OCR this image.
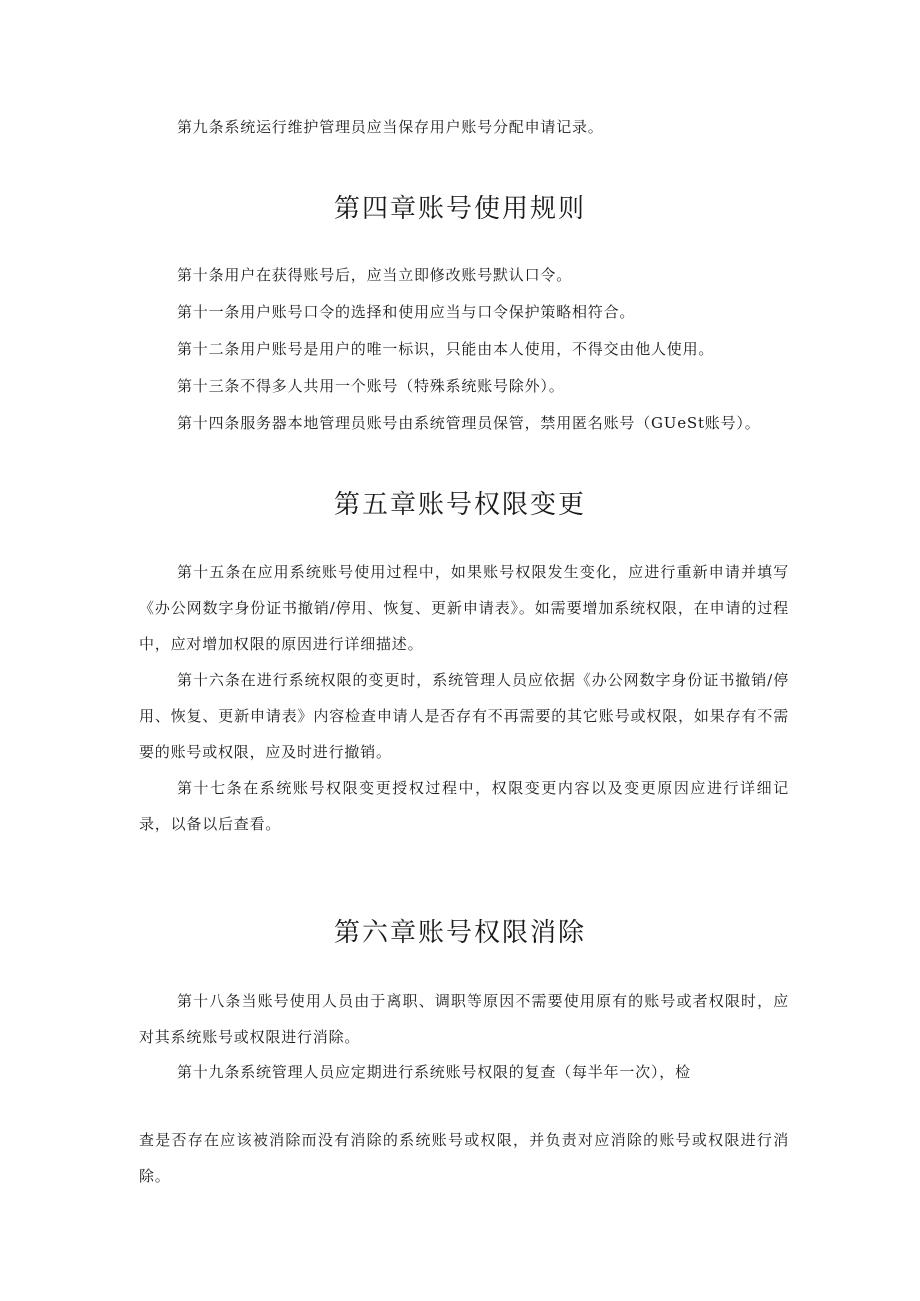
第九条系统运行维护管理员应当保存用户账号分配申请记录。

第四章账号使用规则

第十条用户在获得账号后，应当立即修改账号默认口令。

第十一条用户账号口令的选择和使用应当与口令保护策略相符合。

第十二条用户账号是用户的唯一标识，只能由本人使用，不得交由他人使用。

第十三条不得多人共用一个账号（特殊系统账号除外）。

第十四条服务器本地管理员账号由系统管理员保管，禁用匿名账号（GUeSt账号）。

第五章账号权限变更

第十五条在应用系统账号使用过程中，如果账号权限发生变化，应进行重新申请并填写《办公网数字身份证书撤销/停用、恢复、更新申请表》。如需要增加系统权限，在申请的过程中，应对增加权限的原因进行详细描述。

第十六条在进行系统权限的变更时，系统管理人员应依据《办公网数字身份证书撤销/停用、恢复、更新申请表》内容检查申请人是否存有不再需要的其它账号或权限，如果存有不需要的账号或权限，应及时进行撤销。

第十七条在系统账号权限变更授权过程中，权限变更内容以及变更原因应进行详细记录，以备以后查看。

第六章账号权限消除

第十八条当账号使用人员由于离职、调职等原因不需要使用原有的账号或者权限时，应对其系统账号或权限进行消除。

第十九条系统管理人员应定期进行系统账号权限的复查（每半年一次），检

查是否存在应该被消除而没有消除的系统账号或权限，并负责对应消除的账号或权限进行消除。
